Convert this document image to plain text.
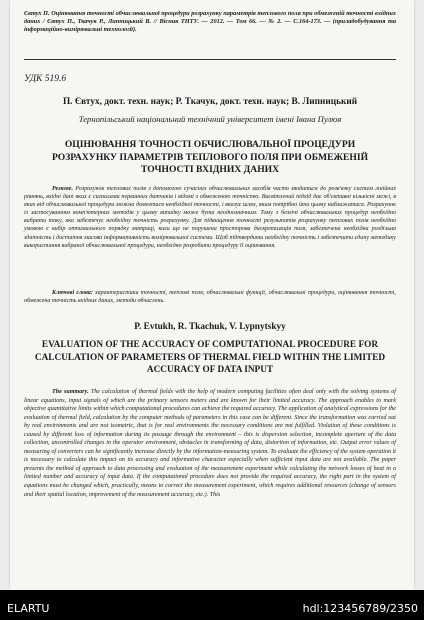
Євтух П. Оцінювання точності обчислювальної процедури розрахунку параметрів теплового поля при обмеженій точності вхідних даних / Євтух П., Ткачук Р., Липницький В. // Вісник ТНТУ. — 2012. — Том 66. — № 2. — С.164-173. — (приладобудування та інформаційно-вимірювальні технології).
УДК 519.6
П. Євтух, докт. техн. наук; Р. Ткачук, докт. техн. наук; В. Липницький
Тернопільський національний технічний університет імені Івана Пулюя
ОЦІНЮВАННЯ ТОЧНОСТІ ОБЧИСЛЮВАЛЬНОЇ ПРОЦЕДУРИ РОЗРАХУНКУ ПАРАМЕТРІВ ТЕПЛОВОГО ПОЛЯ ПРИ ОБМЕЖЕНІЙ ТОЧНОСТІ ВХІДНИХ ДАНИХ
Резюме. Розрахунок теплових полів з допомогою сучасних обчислювальних засобів часто зводиться до розв'язку систем лінійних рівнянь, вхідні дані яких є сигналами первинних датчиків і відомі з обмеженою точністю. Висвітлений підхід дає об'єктивні кількісні межі, в яких від обчислювальної процедури можна домогтися необхідної точності, і вказує шлях, яким потрібно йти цьому наближатися. Розрахунок із застосуванням комп'ютерних методів у цьому випадку може бути неоднозначним. Тому з безлічі обчислювальних процедур необхідно вибрати таку, яка забезпечує необхідну точність розрахунку. Для підвищення точності результатів розрахунку теплових полів необхідно умовою є вибір оптимального порядку матриці, коли ще не порушена просторова дискретизація поля, забезпечена необхідна роздільна здатність і достатня масова інформативність вимірювальної системи. Щоб підтвердити необхідну точність і забезпечити єдину методику використання вибраної обчислювальної процедури, необхідно розробити процедуру її оцінювання.
Ключові слова: характеристики точності, теплові поля, обчислювальні функції, обчислювальні процедури, оцінювання точності, обмежена точність вхідних даних, методи обчислень.
P. Evtukh, R. Tkachuk, V. Lypnytskyy
EVALUATION OF THE ACCURACY OF COMPUTATIONAL PROCEDURE FOR CALCULATION OF PARAMETERS OF THERMAL FIELD WITHIN THE LIMITED ACCURACY OF DATA INPUT
The summary. The calculation of thermal fields with the help of modern computing facilities often deal only with the solving systems of linear equations, input signals of which are the primary sensors meters and are known for their limited accuracy. The approach enables to mark objective quantitative limits within which computational procedures can achieve the required accuracy. The application of analytical expressions for the evaluation of thermal field, calculation by the computer methods of parameters in this case can be different. Since the transformation was carried out by real environments and are not isometric, that is for real environments the necessary conditions are not fulfilled. Violation of these conditions is caused by different loss of information during its passage through the environment – this is dispersion selection, incomplete aperture of the data collection, uncontrolled changes in the operator environment, obstacles in transforming of data, distortion of information, etc. Output error values of measuring of converters can be significantly increase directly by the information-measuring system. To evaluate the efficiency of the system operation it is necessary to calculate this impact on its accuracy and informative character especially when sufficient input data are not available. The paper presents the method of approach to data processing and evaluation of the measurement experiment while calculating the network losses of heat in a limited number and accuracy of input data. If the computational procedure does not provide the required accuracy, the right part in the system of equations must be changed which, practically, means to correct the measurement experiment, which requires additional resources (change of sensors and their spatial location, improvement of the measurement accuracy, etc.). This
ELARTU	hdl:123456789/2350
